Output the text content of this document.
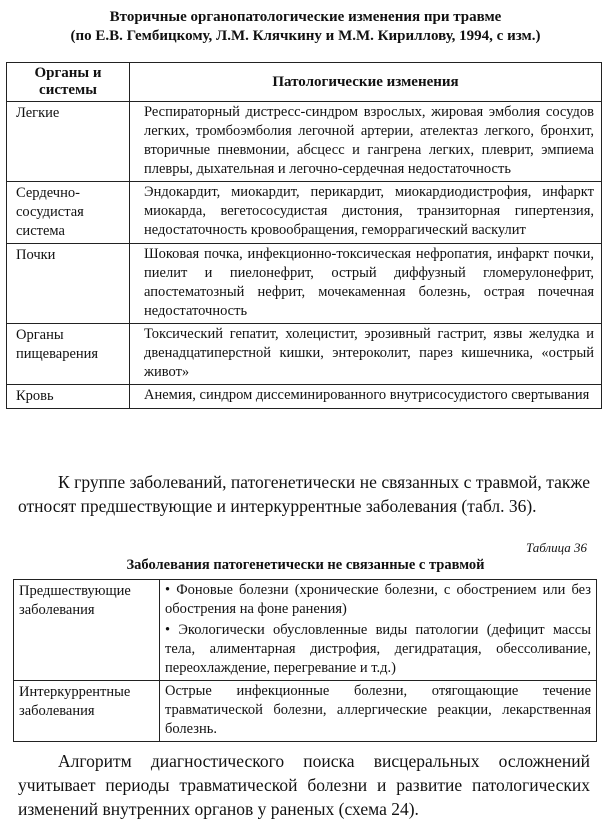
Вторичные органопатологические изменения при травме
(по Е.В. Гембицкому, Л.М. Клячкину и М.М. Кириллову, 1994, с изм.)
Органы и системы	Патологические изменения
Легкие	Респираторный дистресс-синдром взрослых, жировая эмболия сосудов легких, тромбоэмболия легочной артерии, ателектаз легкого, бронхит, вторичные пневмонии, абсцесс и гангрена легких, плеврит, эмпиема плевры, дыхательная и легочно-сердечная недостаточность
Сердечно-сосудистая система	Эндокардит, миокардит, перикардит, миокардиодистрофия, инфаркт миокарда, вегетососудистая дистония, транзиторная гипертензия, недостаточность кровообращения, геморрагический васкулит
Почки	Шоковая почка, инфекционно-токсическая нефропатия, инфаркт почки, пиелит и пиелонефрит, острый диффузный гломерулонефрит, апостематозный нефрит, мочекаменная болезнь, острая почечная недостаточность
Органы пищеварения	Токсический гепатит, холецистит, эрозивный гастрит, язвы желудка и двенадцатиперстной кишки, энтероколит, парез кишечника, «острый живот»
Кровь	Анемия, синдром диссеминированного внутрисосудистого свертывания
К группе заболеваний, патогенетически не связанных с травмой, также относят предшествующие и интеркуррентные заболевания (табл. 36).
Таблица 36
Заболевания патогенетически не связанные с травмой
Предшествующие заболевания	• Фоновые болезни (хронические болезни, с обострением или без обострения на фоне ранения)
• Экологически обусловленные виды патологии (дефицит массы тела, алиментарная дистрофия, дегидратация, обессоливание, переохлаждение, перегревание и т.д.)

Интеркуррентные заболевания	Острые инфекционные болезни, отягощающие течение травматической болезни, аллергические реакции, лекарственная болезнь.
Алгоритм диагностического поиска висцеральных осложнений учитывает периоды травматической болезни и развитие патологических изменений внутренних органов у раненых (схема 24).
